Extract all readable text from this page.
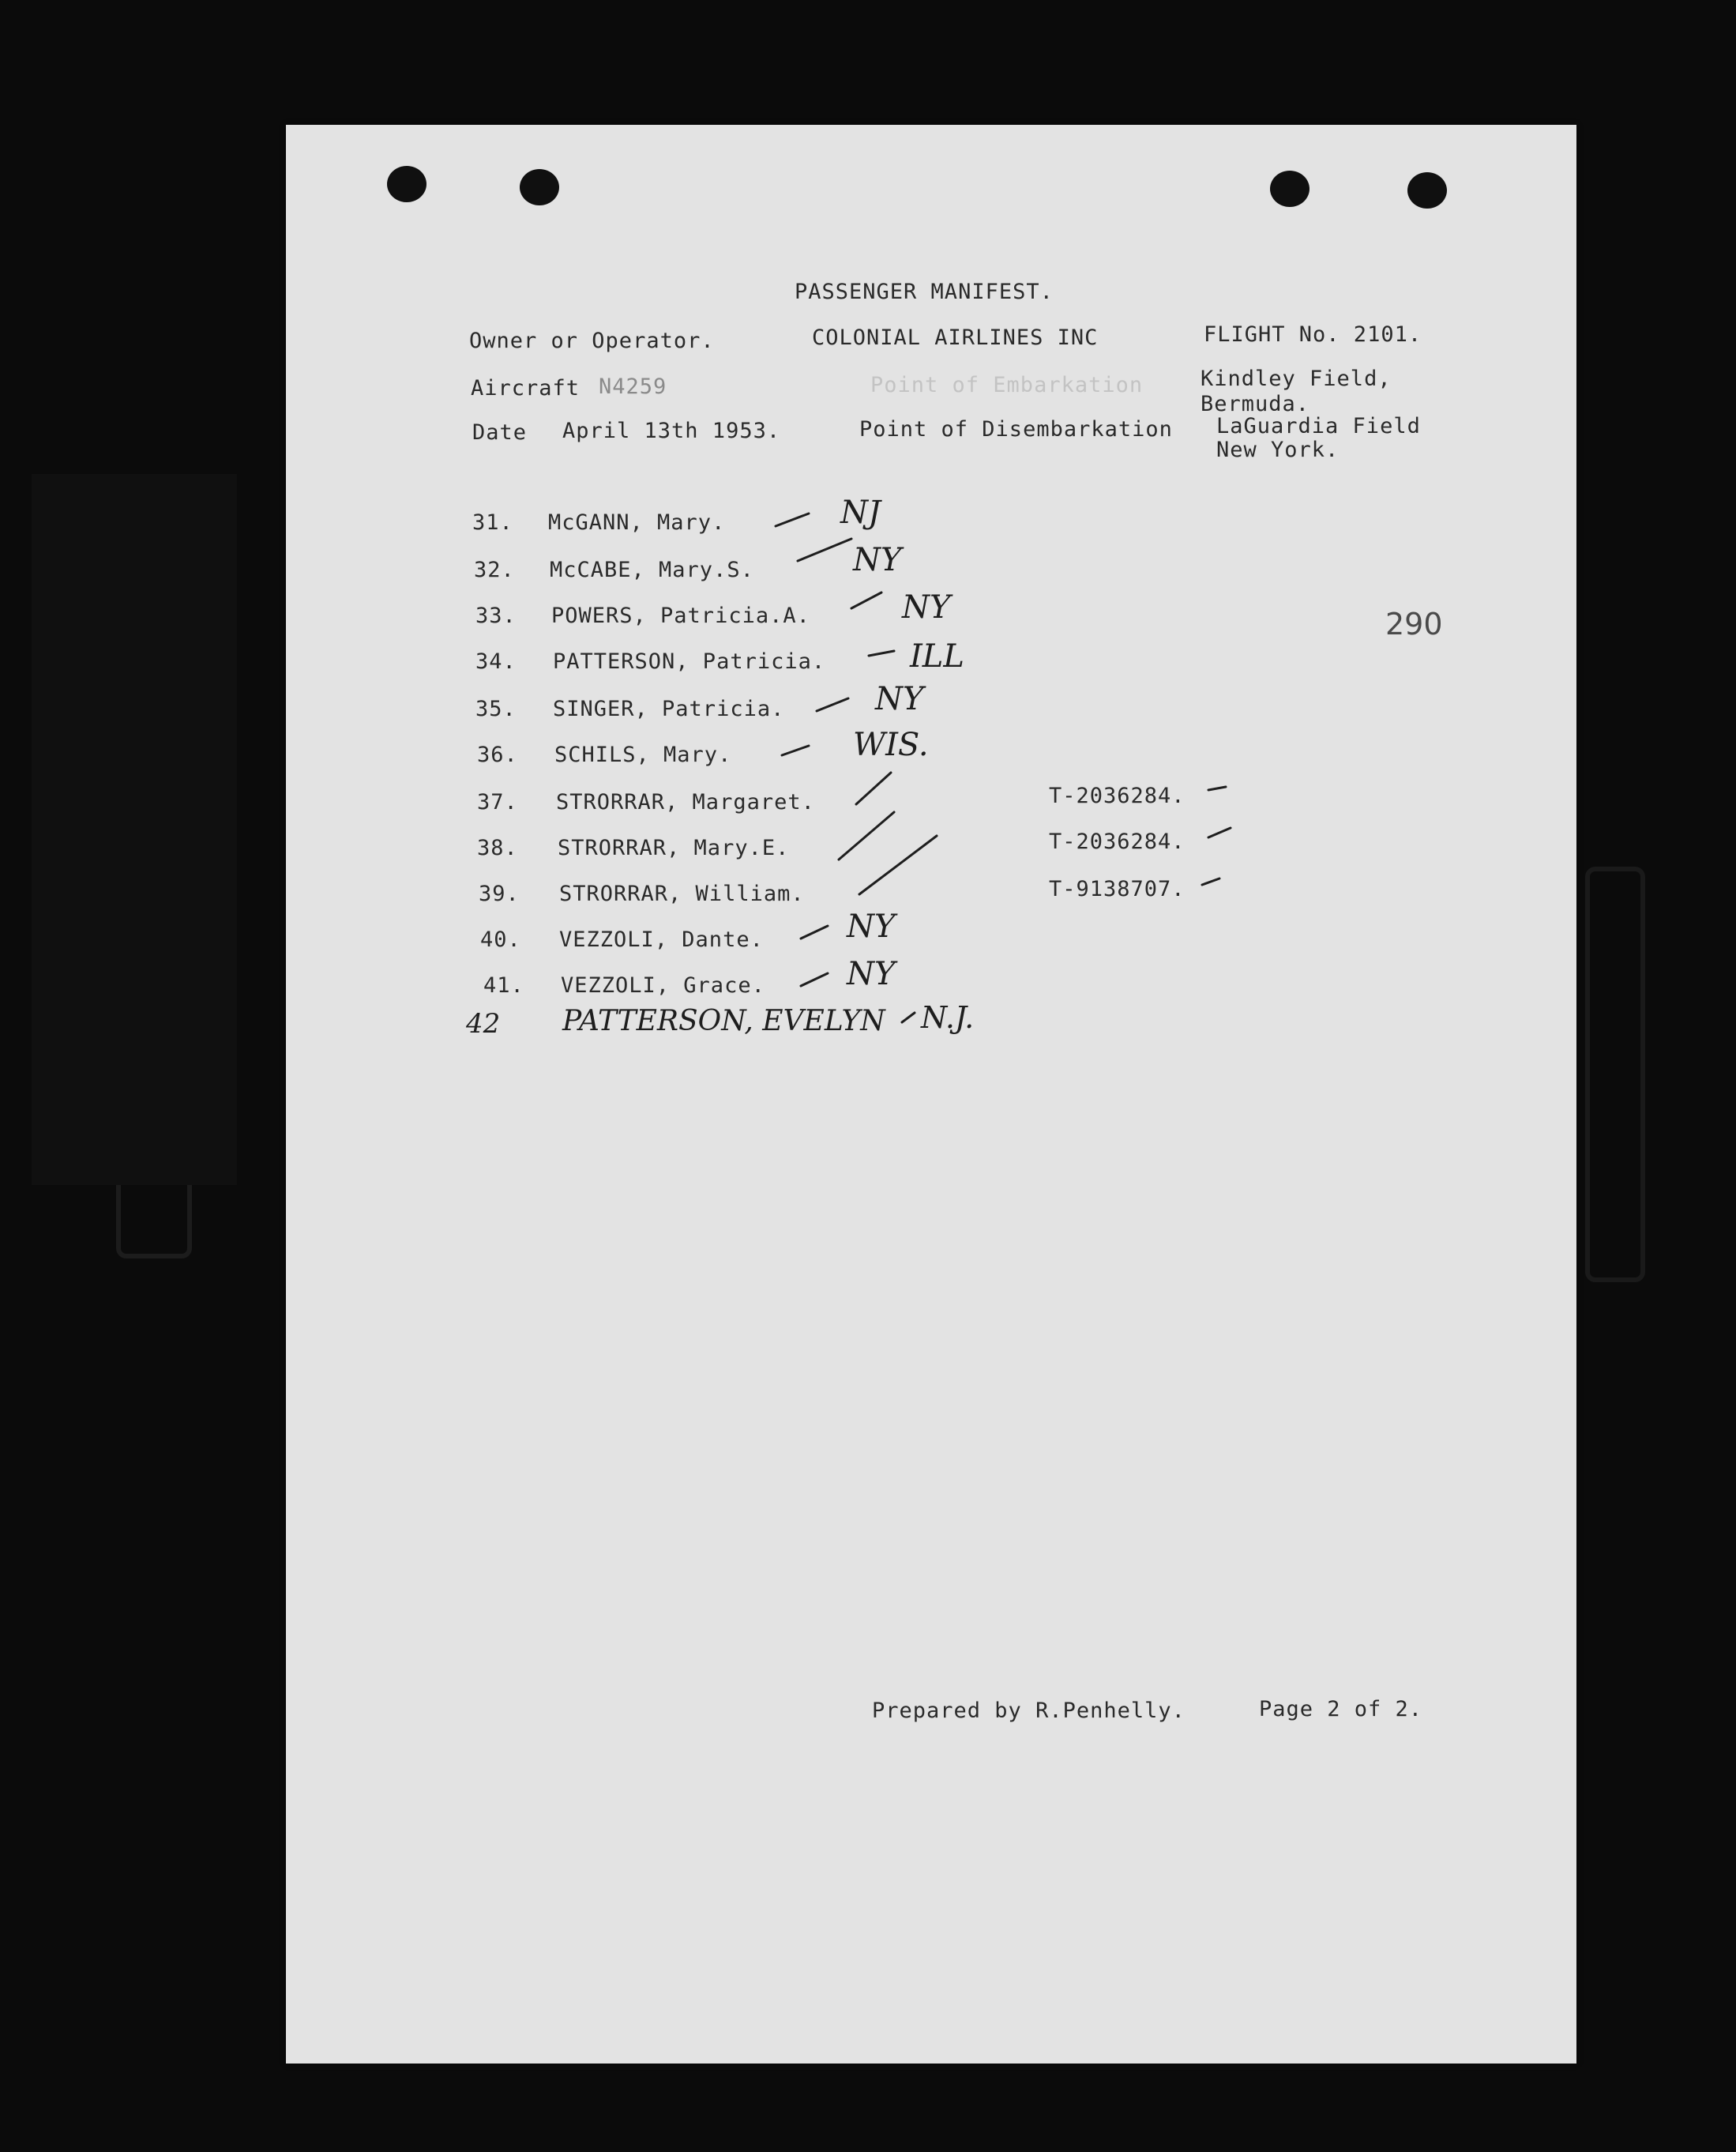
PASSENGER MANIFEST.
Owner or Operator.	COLONIAL AIRLINES INC	FLIGHT No. 2101.
Aircraft N4259	Point of Embarkation	Kindley Field,
Bermuda.
Date April 13th 1953.	Point of Disembarkation LaGuardia Field
New York.
290
31. McGANN, Mary.	NJ
32. McCABE, Mary.S.	NY
33. POWERS, Patricia.A.	NY
34. PATTERSON, Patricia.	ILL
35. SINGER, Patricia.	NY
36. SCHILS, Mary.	WIS.
37. STRORRAR, Margaret.	T-2036284.
38. STRORRAR, Mary.E.	T-2036284.
39. STRORRAR, William.	T-9138707.
40. VEZZOLI, Dante.	NY
41. VEZZOLI, Grace.	NY
42 PATTERSON, EVELYN N.J.
Prepared by R.Penhelly.	Page 2 of 2.
